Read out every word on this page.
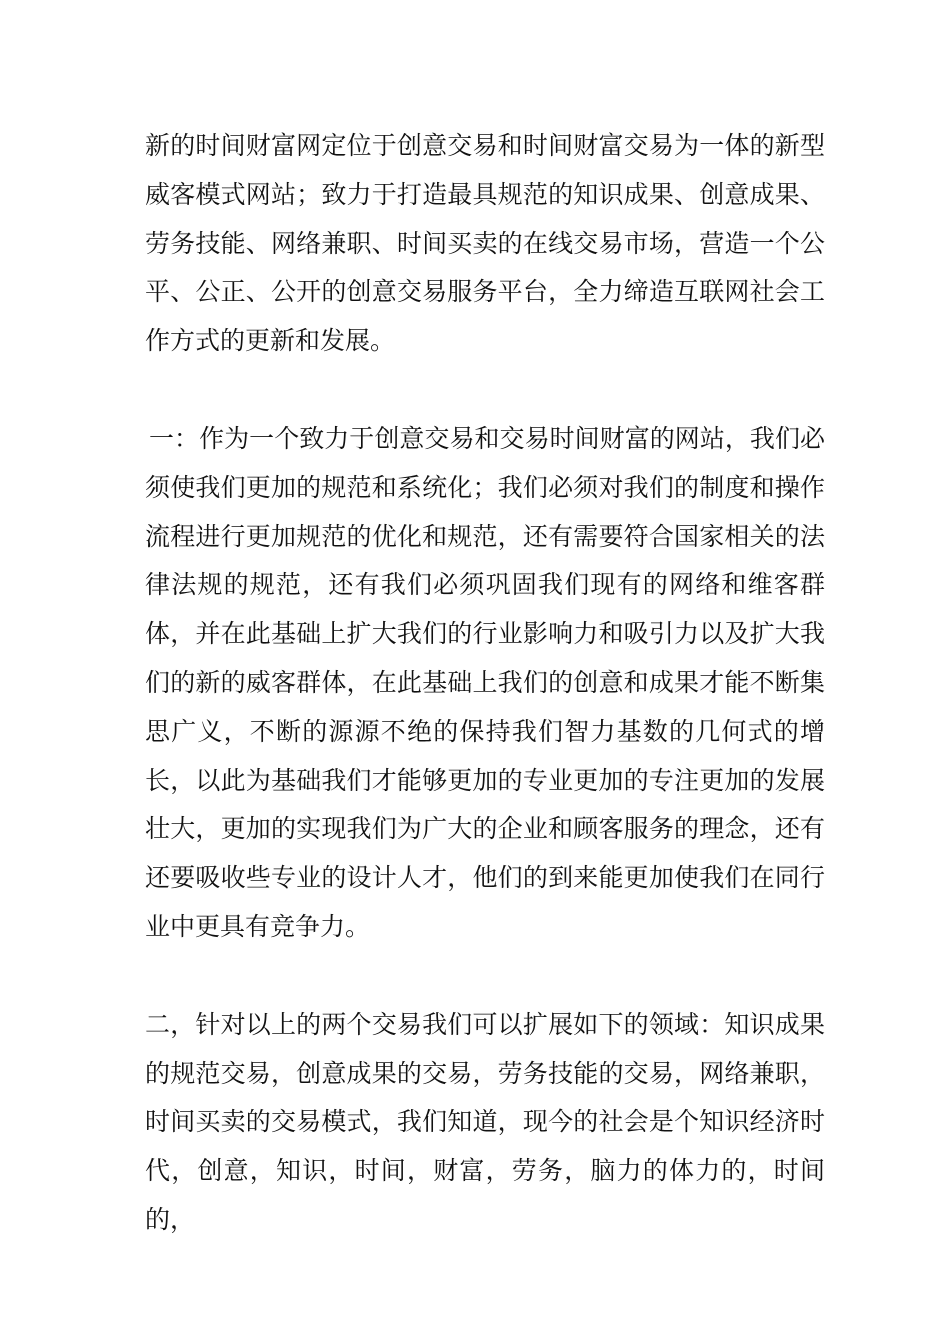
新的时间财富网定位于创意交易和时间财富交易为一体的新型威客模式网站；致力于打造最具规范的知识成果、创意成果、劳务技能、网络兼职、时间买卖的在线交易市场，营造一个公平、公正、公开的创意交易服务平台，全力缔造互联网社会工作方式的更新和发展。

一：作为一个致力于创意交易和交易时间财富的网站，我们必须使我们更加的规范和系统化；我们必须对我们的制度和操作流程进行更加规范的优化和规范，还有需要符合国家相关的法律法规的规范，还有我们必须巩固我们现有的网络和维客群体，并在此基础上扩大我们的行业影响力和吸引力以及扩大我们的新的威客群体，在此基础上我们的创意和成果才能不断集思广义，不断的源源不绝的保持我们智力基数的几何式的增长，以此为基础我们才能够更加的专业更加的专注更加的发展壮大，更加的实现我们为广大的企业和顾客服务的理念，还有还要吸收些专业的设计人才，他们的到来能更加使我们在同行业中更具有竞争力。

二，针对以上的两个交易我们可以扩展如下的领域：知识成果的规范交易，创意成果的交易，劳务技能的交易，网络兼职，时间买卖的交易模式，我们知道，现今的社会是个知识经济时代，创意，知识，时间，财富，劳务，脑力的体力的，时间的，
